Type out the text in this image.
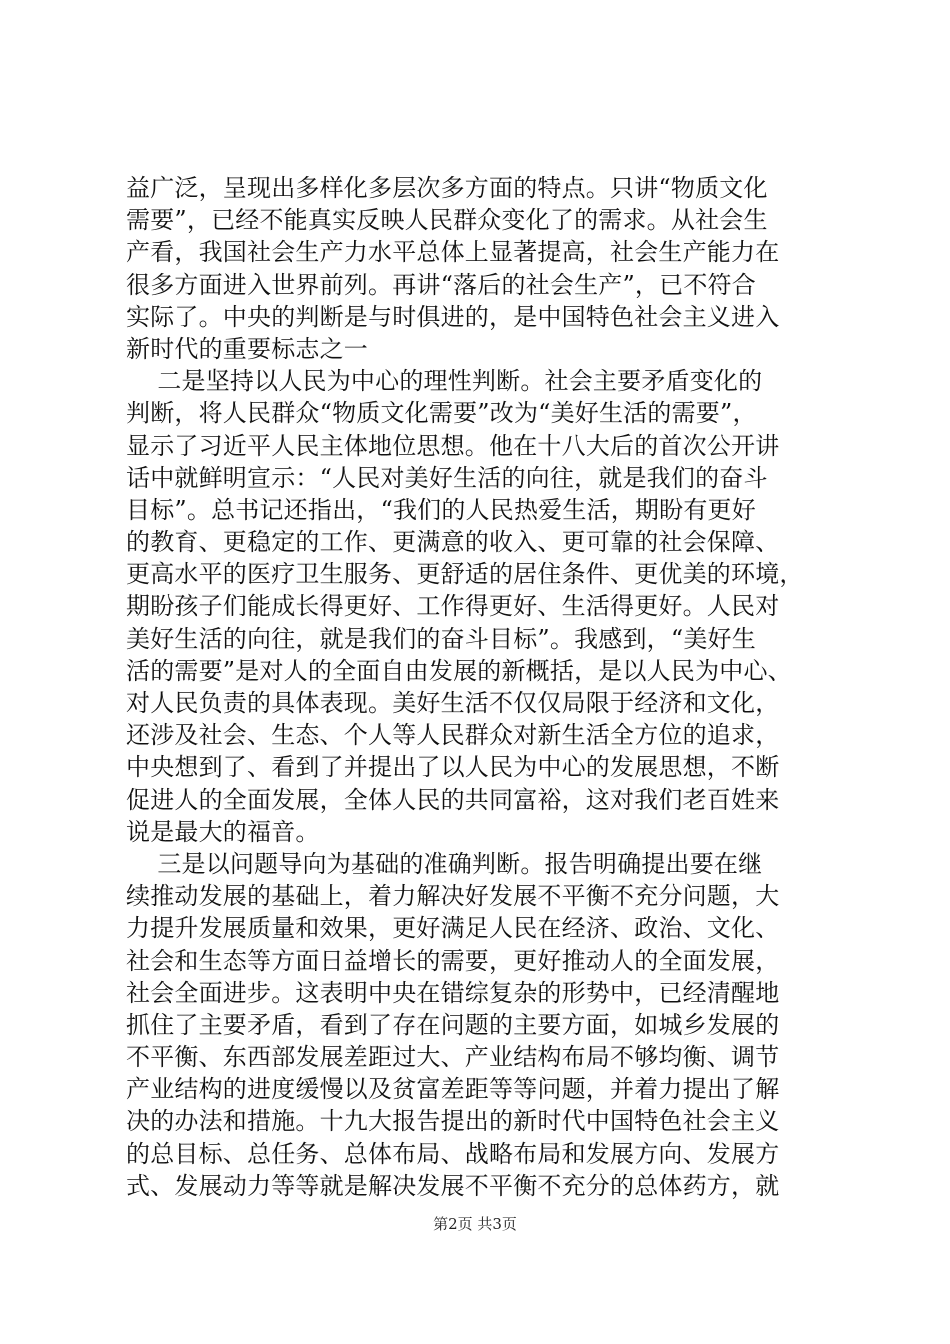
益广泛，呈现出多样化多层次多方面的特点。只讲“物质文化
需要”，已经不能真实反映人民群众变化了的需求。从社会生
产看，我国社会生产力水平总体上显著提高，社会生产能力在
很多方面进入世界前列。再讲“落后的社会生产”，已不符合
实际了。中央的判断是与时俱进的，是中国特色社会主义进入
新时代的重要标志之一
二是坚持以人民为中心的理性判断。社会主要矛盾变化的
判断，将人民群众“物质文化需要”改为“美好生活的需要”，
显示了习近平人民主体地位思想。他在十八大后的首次公开讲
话中就鲜明宣示：“人民对美好生活的向往，就是我们的奋斗
目标”。总书记还指出，“我们的人民热爱生活，期盼有更好
的教育、更稳定的工作、更满意的收入、更可靠的社会保障、
更高水平的医疗卫生服务、更舒适的居住条件、更优美的环境，
期盼孩子们能成长得更好、工作得更好、生活得更好。人民对
美好生活的向往，就是我们的奋斗目标”。我感到，“美好生
活的需要”是对人的全面自由发展的新概括，是以人民为中心、
对人民负责的具体表现。美好生活不仅仅局限于经济和文化，
还涉及社会、生态、个人等人民群众对新生活全方位的追求，
中央想到了、看到了并提出了以人民为中心的发展思想，不断
促进人的全面发展，全体人民的共同富裕，这对我们老百姓来
说是最大的福音。
三是以问题导向为基础的准确判断。报告明确提出要在继
续推动发展的基础上，着力解决好发展不平衡不充分问题，大
力提升发展质量和效果，更好满足人民在经济、政治、文化、
社会和生态等方面日益增长的需要，更好推动人的全面发展，
社会全面进步。这表明中央在错综复杂的形势中，已经清醒地
抓住了主要矛盾，看到了存在问题的主要方面，如城乡发展的
不平衡、东西部发展差距过大、产业结构布局不够均衡、调节
产业结构的进度缓慢以及贫富差距等等问题，并着力提出了解
决的办法和措施。十九大报告提出的新时代中国特色社会主义
的总目标、总任务、总体布局、战略布局和发展方向、发展方
式、发展动力等等就是解决发展不平衡不充分的总体药方，就
第2页 共3页
